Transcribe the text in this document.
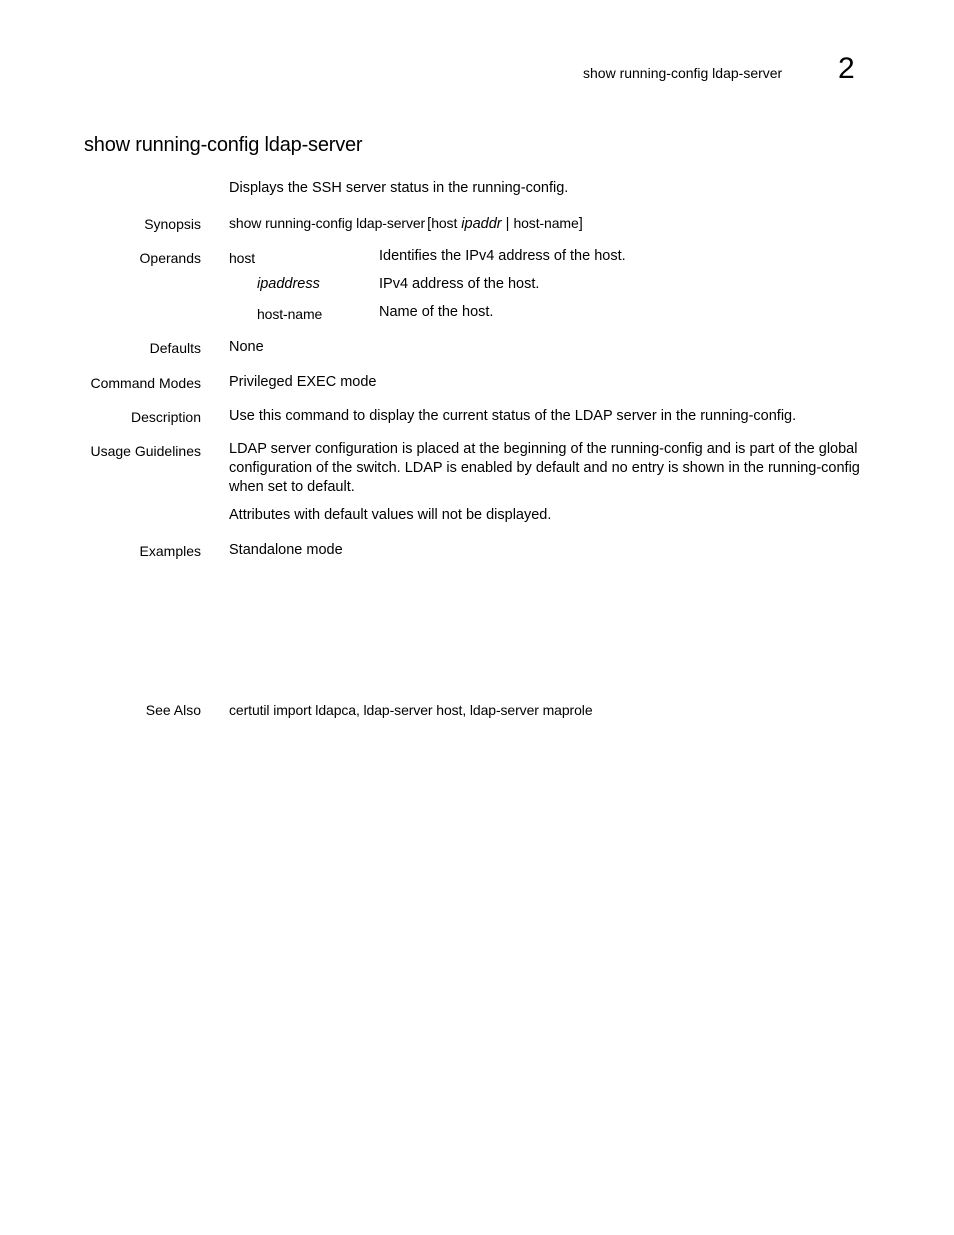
show running-config ldap-server 2
show running-config ldap-server
Displays the SSH server status in the running-config.
Synopsis show running-config ldap-server [host ipaddr | host-name]
Operands host	Identifies the IPv4 address of the host.
ipaddress	IPv4 address of the host.
host-name	Name of the host.
Defaults None
Command Modes Privileged EXEC mode
Description Use this command to display the current status of the LDAP server in the running-config.
Usage Guidelines LDAP server configuration is placed at the beginning of the running-config and is part of the global
configuration of the switch. LDAP is enabled by default and no entry is shown in the running-config
when set to default.
Attributes with default values will not be displayed.
Examples Standalone mode
See Also certutil import ldapca, ldap-server host, ldap-server maprole
